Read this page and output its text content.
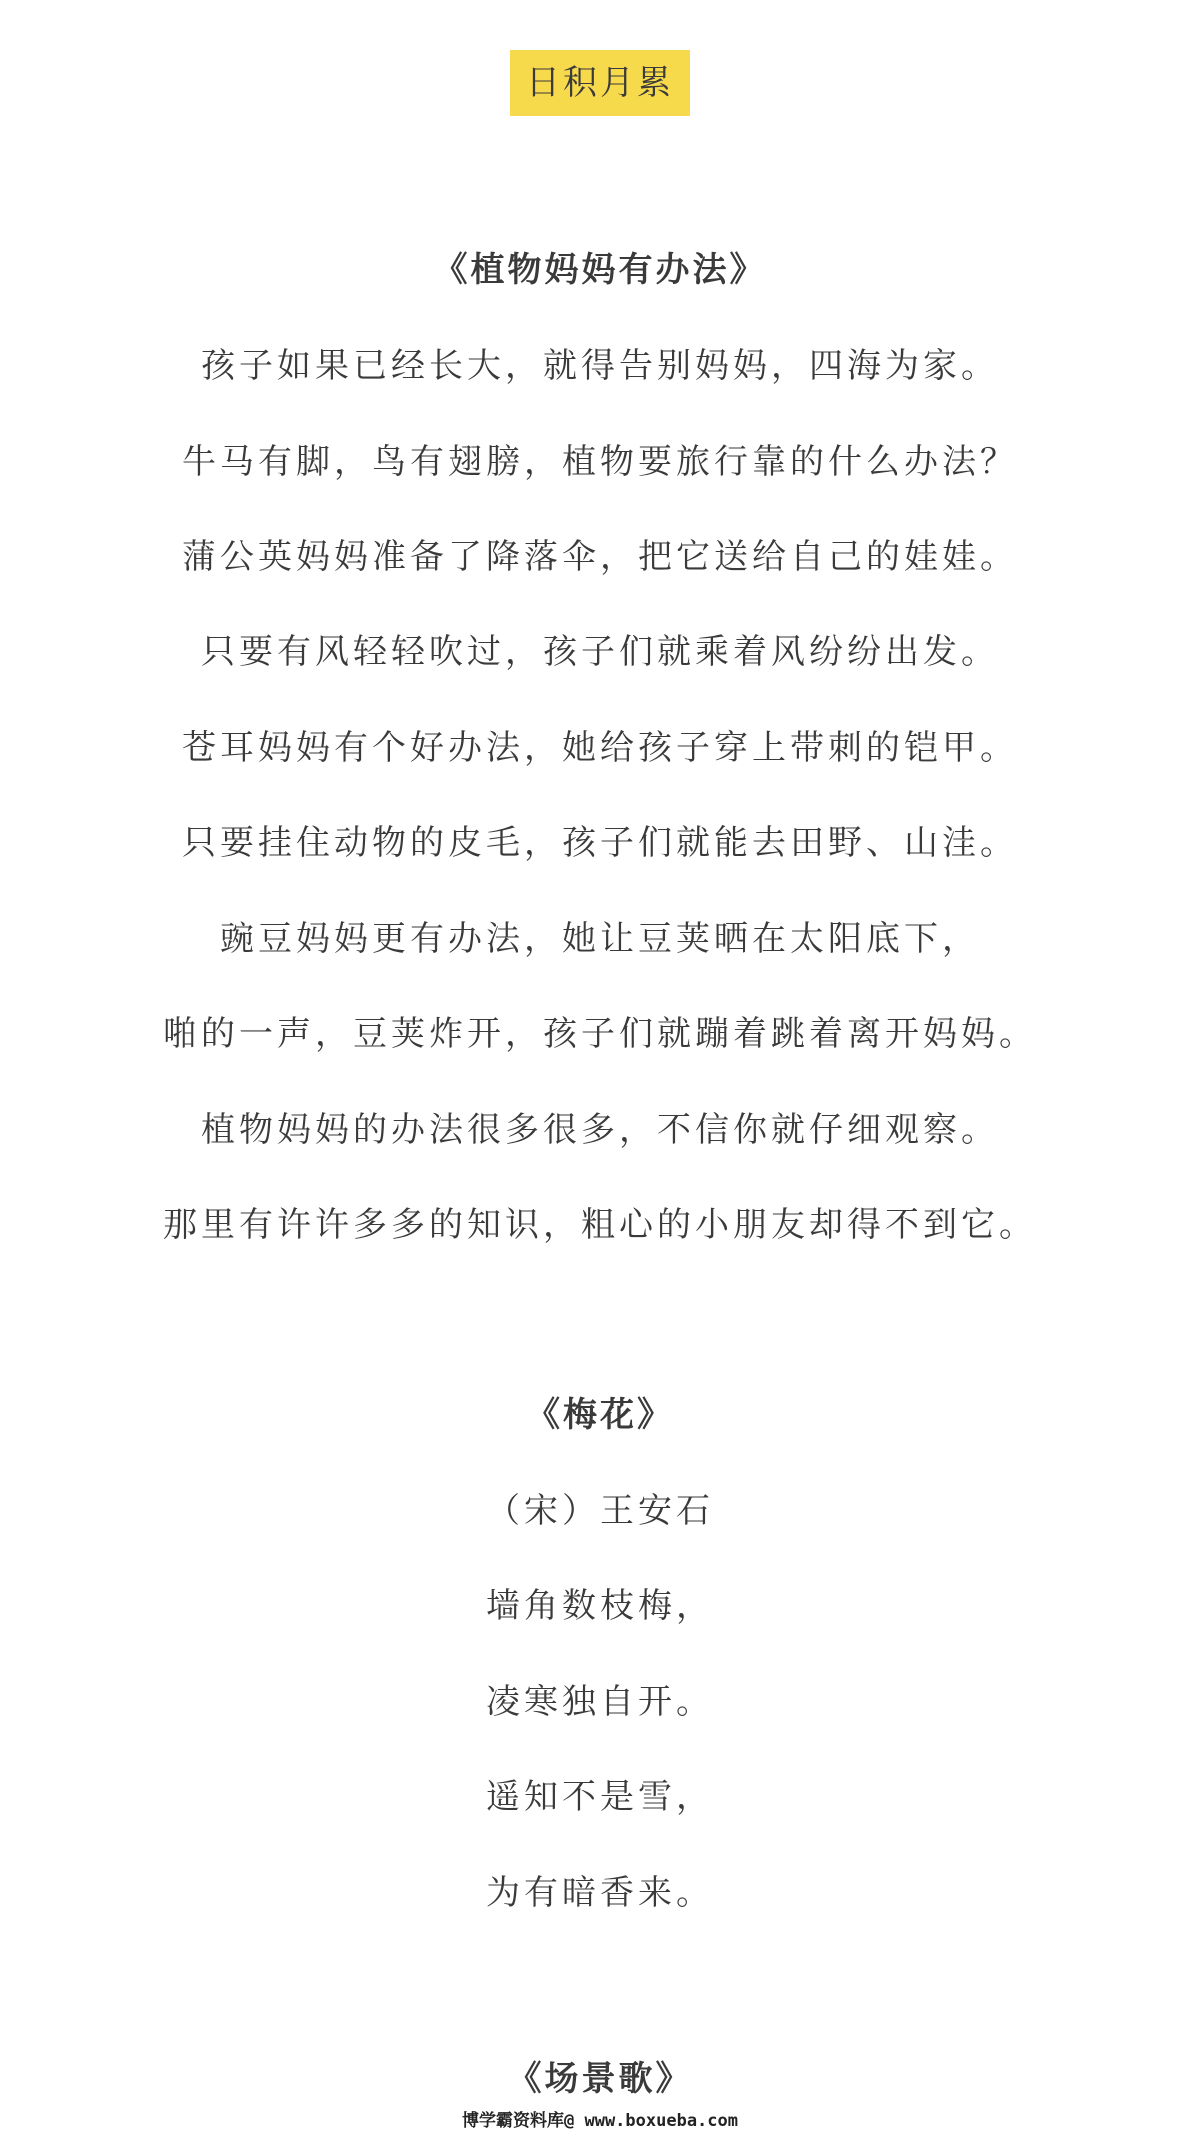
日积月累
《植物妈妈有办法》
孩子如果已经长大，就得告别妈妈，四海为家。
牛马有脚，鸟有翅膀，植物要旅行靠的什么办法？
蒲公英妈妈准备了降落伞，把它送给自己的娃娃。
只要有风轻轻吹过，孩子们就乘着风纷纷出发。
苍耳妈妈有个好办法，她给孩子穿上带刺的铠甲。
只要挂住动物的皮毛，孩子们就能去田野、山洼。
豌豆妈妈更有办法，她让豆荚晒在太阳底下，
啪的一声，豆荚炸开，孩子们就蹦着跳着离开妈妈。
植物妈妈的办法很多很多，不信你就仔细观察。
那里有许许多多的知识，粗心的小朋友却得不到它。
《梅花》
（宋）王安石
墙角数枝梅，
凌寒独自开。
遥知不是雪，
为有暗香来。
《场景歌》
博学霸资料库@ www.boxueba.com
